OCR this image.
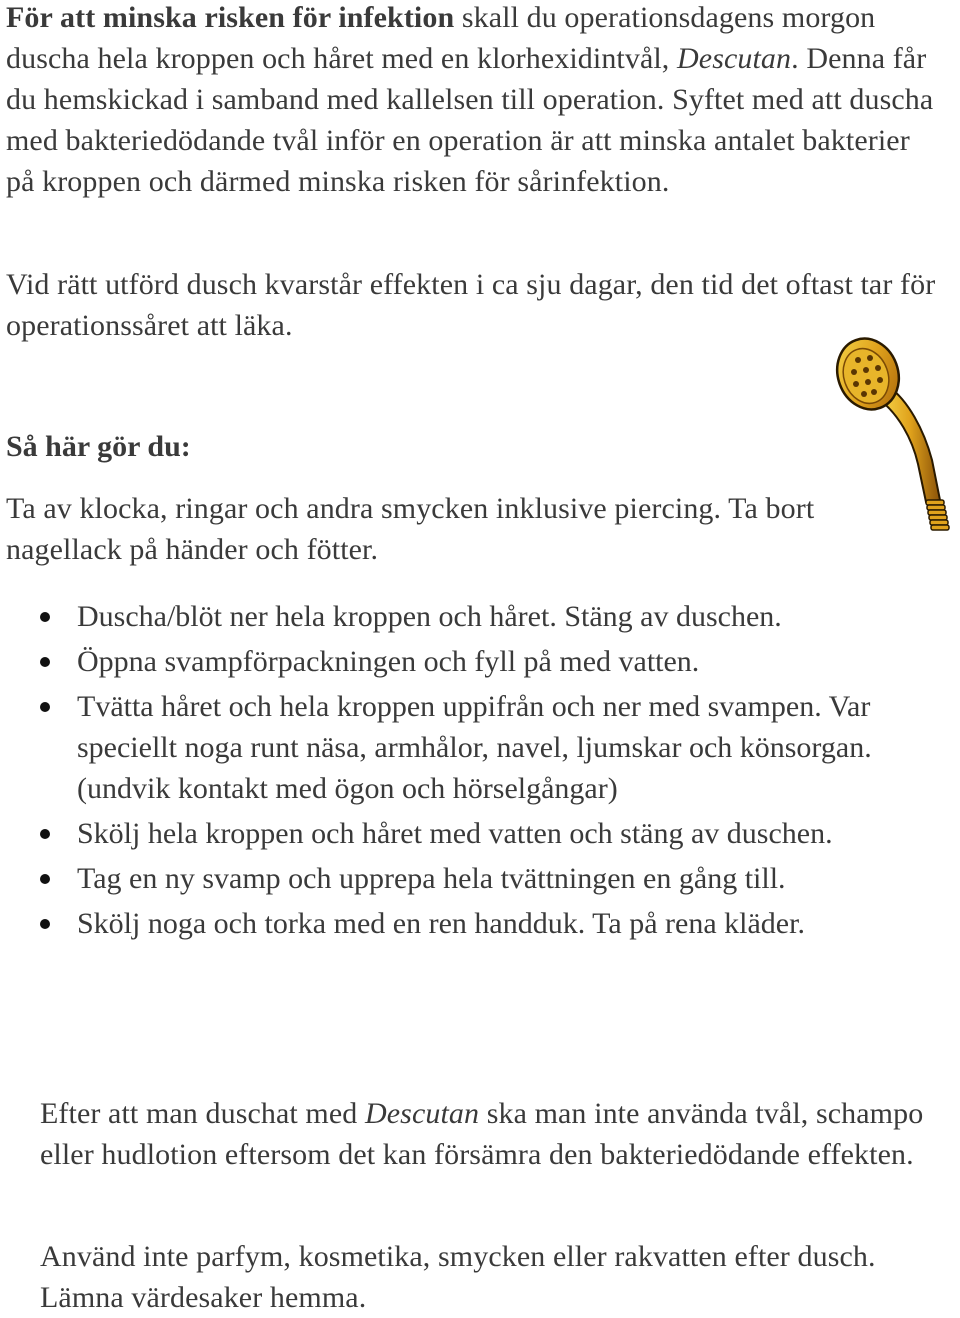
För att minska risken för infektion skall du operationsdagens morgon duscha hela kroppen och håret med en klorhexidintvål, Descutan. Denna får du hemskickad i samband med kallelsen till operation. Syftet med att duscha med bakteriedödande tvål inför en operation är att minska antalet bakterier på kroppen och därmed minska risken för sårinfektion.

Vid rätt utförd dusch kvarstår effekten i ca sju dagar, den tid det oftast tar för operationssåret att läka.

Så här gör du:

Ta av klocka, ringar och andra smycken inklusive piercing. Ta bort nagellack på händer och fötter.

Duscha/blöt ner hela kroppen och håret. Stäng av duschen.
Öppna svampförpackningen och fyll på med vatten.
Tvätta håret och hela kroppen uppifrån och ner med svampen. Var speciellt noga runt näsa, armhålor, navel, ljumskar och könsorgan. (undvik kontakt med ögon och hörselgångar)
Skölj hela kroppen och håret med vatten och stäng av duschen.
Tag en ny svamp och upprepa hela tvättningen en gång till.
Skölj noga och torka med en ren handduk. Ta på rena kläder.

Efter att man duschat med Descutan ska man inte använda tvål, schampo eller hudlotion eftersom det kan försämra den bakteriedödande effekten.

Använd inte parfym, kosmetika, smycken eller rakvatten efter dusch. Lämna värdesaker hemma.
